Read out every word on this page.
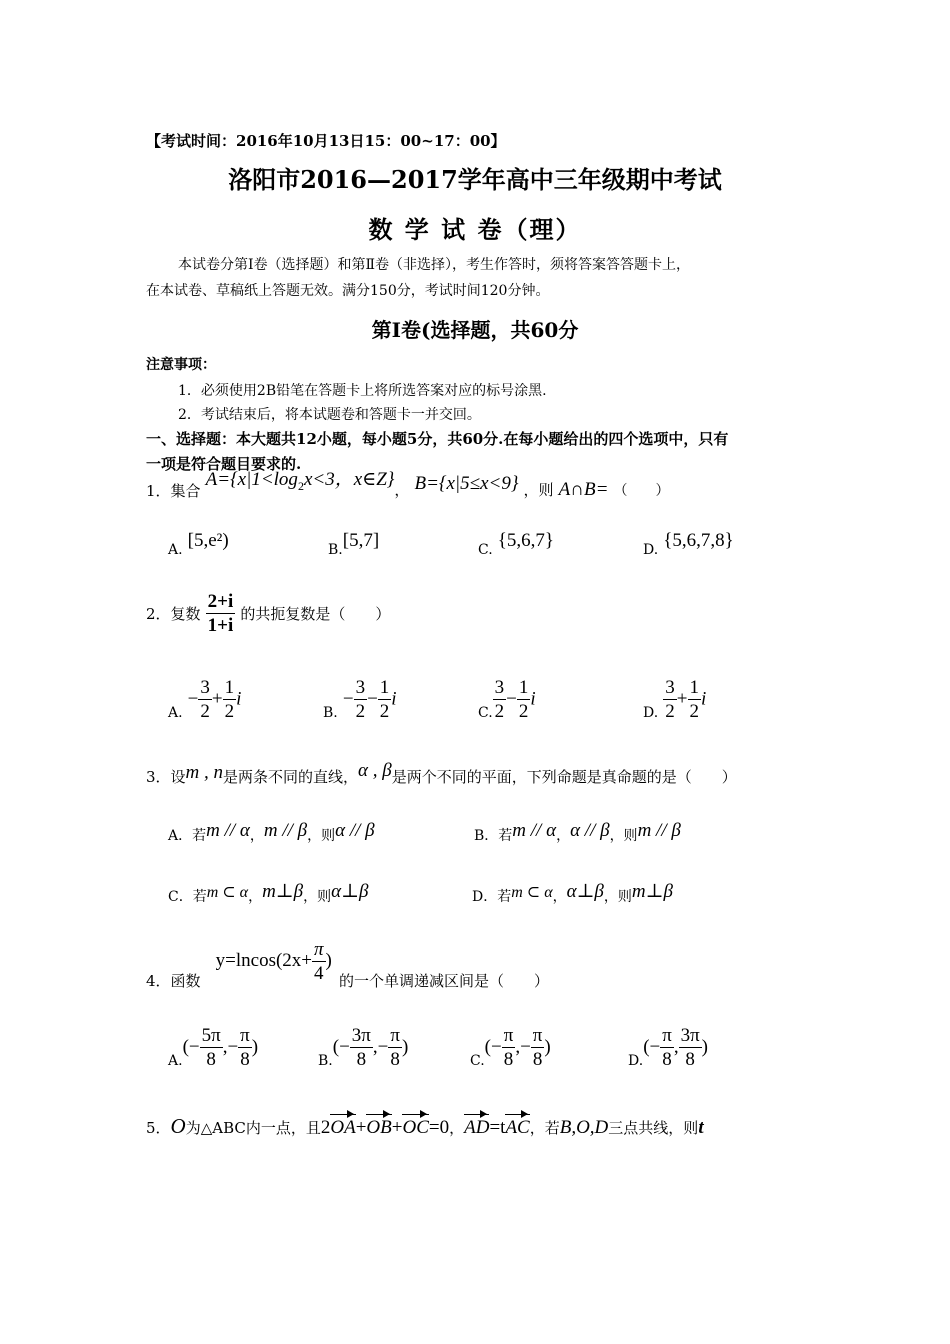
【考试时间：2016年10月13日15：00~17：00】
洛阳市2016—2017学年高中三年级期中考试
数 学 试 卷（理）
本试卷分第Ⅰ卷（选择题）和第Ⅱ卷（非选择），考生作答时，须将答案答答题卡上，
在本试卷、草稿纸上答题无效。满分150分，考试时间120分钟。
第Ⅰ卷(选择题，共60分
注意事项：
1．必须使用2B铅笔在答题卡上将所选答案对应的标号涂黑.
2．考试结束后，将本试题卷和答题卡一并交回。
一、选择题：本大题共12小题，每小题5分，共60分.在每小题给出的四个选项中，只有
一项是符合题目要求的.
1．集合 $A=\{x|1<\log_2x<3$，x∈Z}， B={x|5≤x<9} ，则 A∩B= （　　）
A. [5,e²)	B.[5,7]	C. {5,6,7}	D. {5,6,7,8}
2．复数 $\frac{2+i}{1+i}$ 的共扼复数是（　　）
A. − $\frac{3}{2} + \frac{1}{2}$ i
B. − $\frac{3}{2} - \frac{1}{2}$ i
C. $\frac{3}{2} - \frac{1}{2}$ i
D. $\frac{3}{2} + \frac{1}{2}$ i
3．设m , n是两条不同的直线，α , β是两个不同的平面，下列命题是真命题的是（　　）
A．若m // α，m // β，则α // β	B．若m // α，α // β，则m // β
C．若m ⊂ α，m⊥β，则α⊥β	D．若m ⊂ α，α⊥β，则m⊥β
4．函数 $y=lncos(2x+ \frac{\pi}{4}$ ) 的一个单调递减区间是（　　）
$A.(- \frac{5\pi}{8}$ ,− $\frac{\pi}{8}$ )
$B.(- \frac{3\pi}{8}$ ,− $\frac{\pi}{8}$ )
$C.(- \frac{\pi}{8}$ ,− $\frac{\pi}{8}$ )
$D.(- \frac{\pi}{8}$ , $\frac{3\pi}{8}$ )
5．O为△ABC内一点，且2OA+OB+OC=0，AD=tAC，若B,O,D三点共线，则t
